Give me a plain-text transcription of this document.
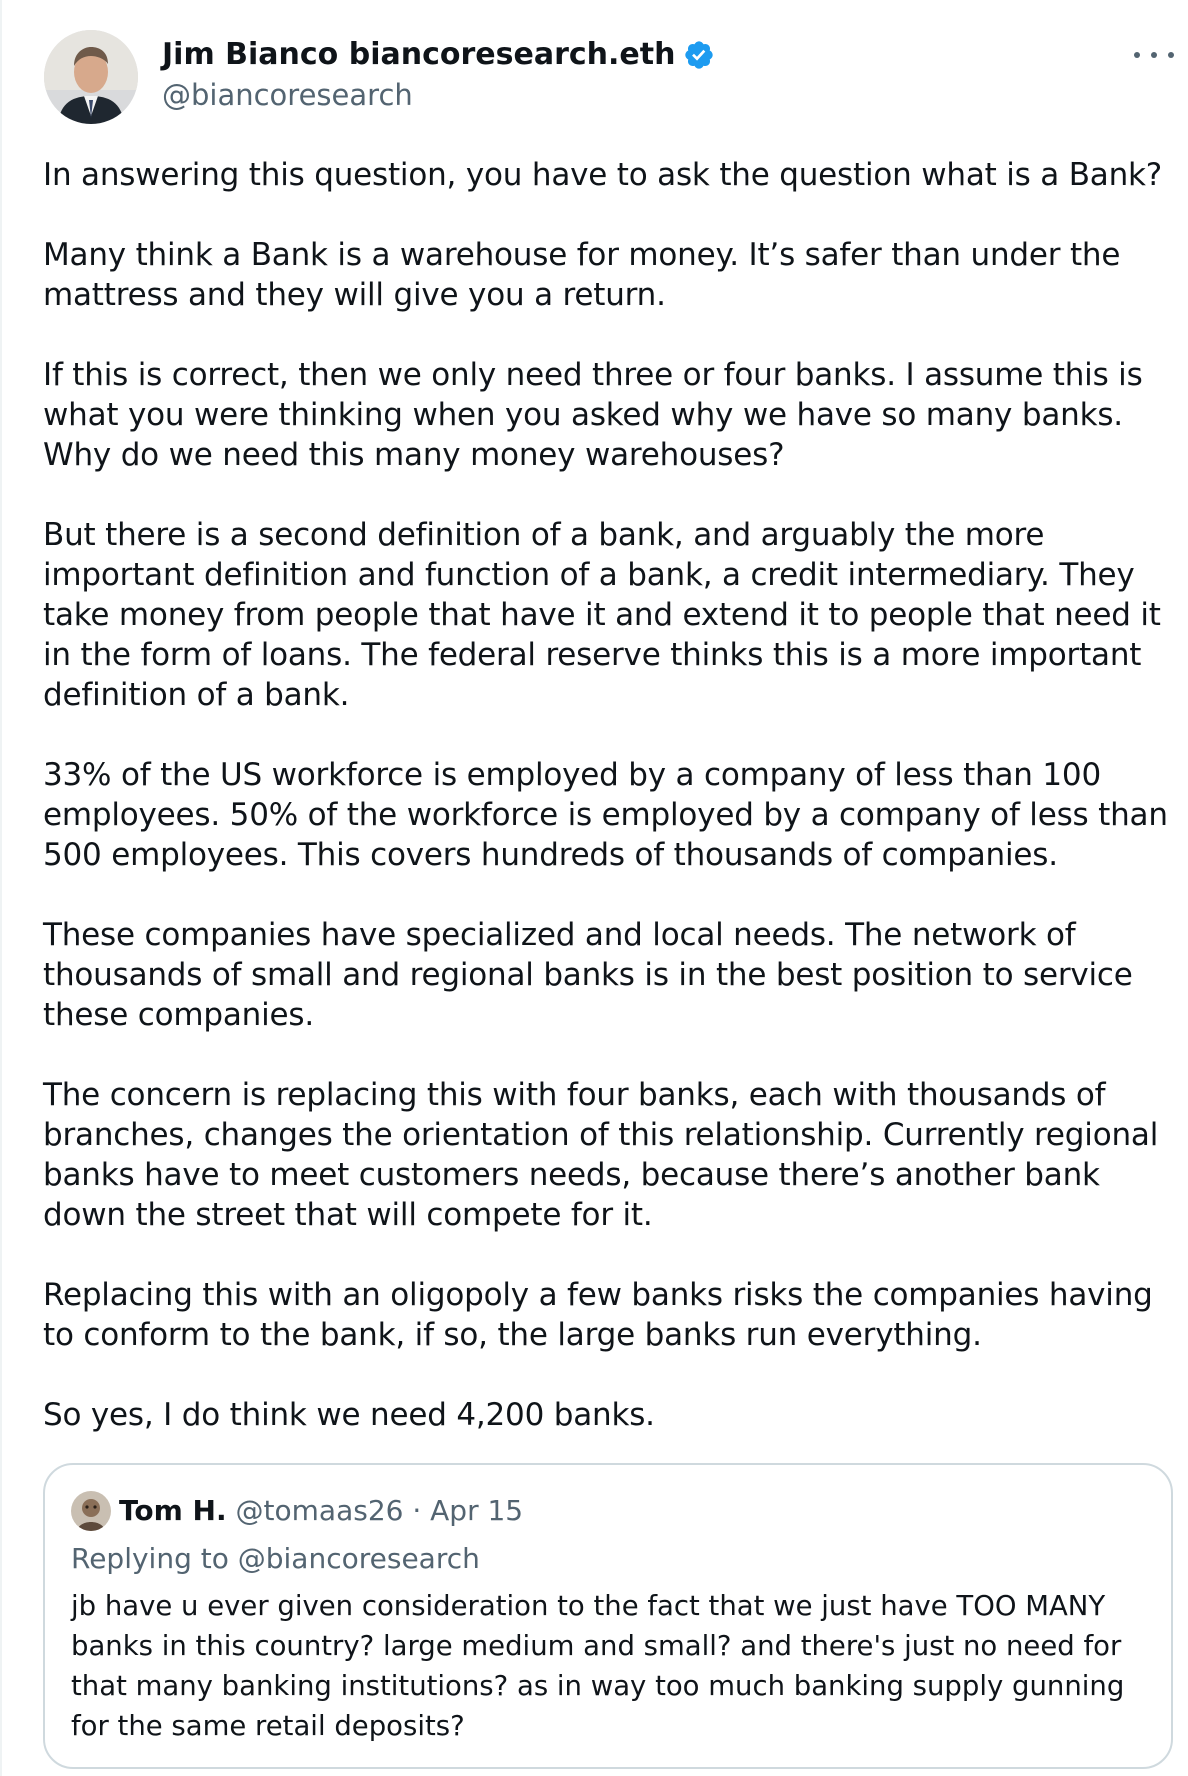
Jim Bianco biancoresearch.eth
@biancoresearch

In answering this question, you have to ask the question what is a Bank?

Many think a Bank is a warehouse for money. It’s safer than under the mattress and they will give you a return.

If this is correct, then we only need three or four banks. I assume this is what you were thinking when you asked why we have so many banks. Why do we need this many money warehouses?

But there is a second definition of a bank, and arguably the more important definition and function of a bank, a credit intermediary. They take money from people that have it and extend it to people that need it in the form of loans. The federal reserve thinks this is a more important definition of a bank.

33% of the US workforce is employed by a company of less than 100 employees. 50% of the workforce is employed by a company of less than 500 employees. This covers hundreds of thousands of companies.

These companies have specialized and local needs. The network of thousands of small and regional banks is in the best position to service these companies.

The concern is replacing this with four banks, each with thousands of branches, changes the orientation of this relationship. Currently regional banks have to meet customers needs, because there’s another bank down the street that will compete for it.

Replacing this with an oligopoly a few banks risks the companies having to conform to the bank, if so, the large banks run everything.

So yes, I do think we need 4,200 banks.

Tom H. @tomaas26 · Apr 15
Replying to @biancoresearch
jb have u ever given consideration to the fact that we just have TOO MANY banks in this country? large medium and small? and there's just no need for that many banking institutions? as in way too much banking supply gunning for the same retail deposits?
